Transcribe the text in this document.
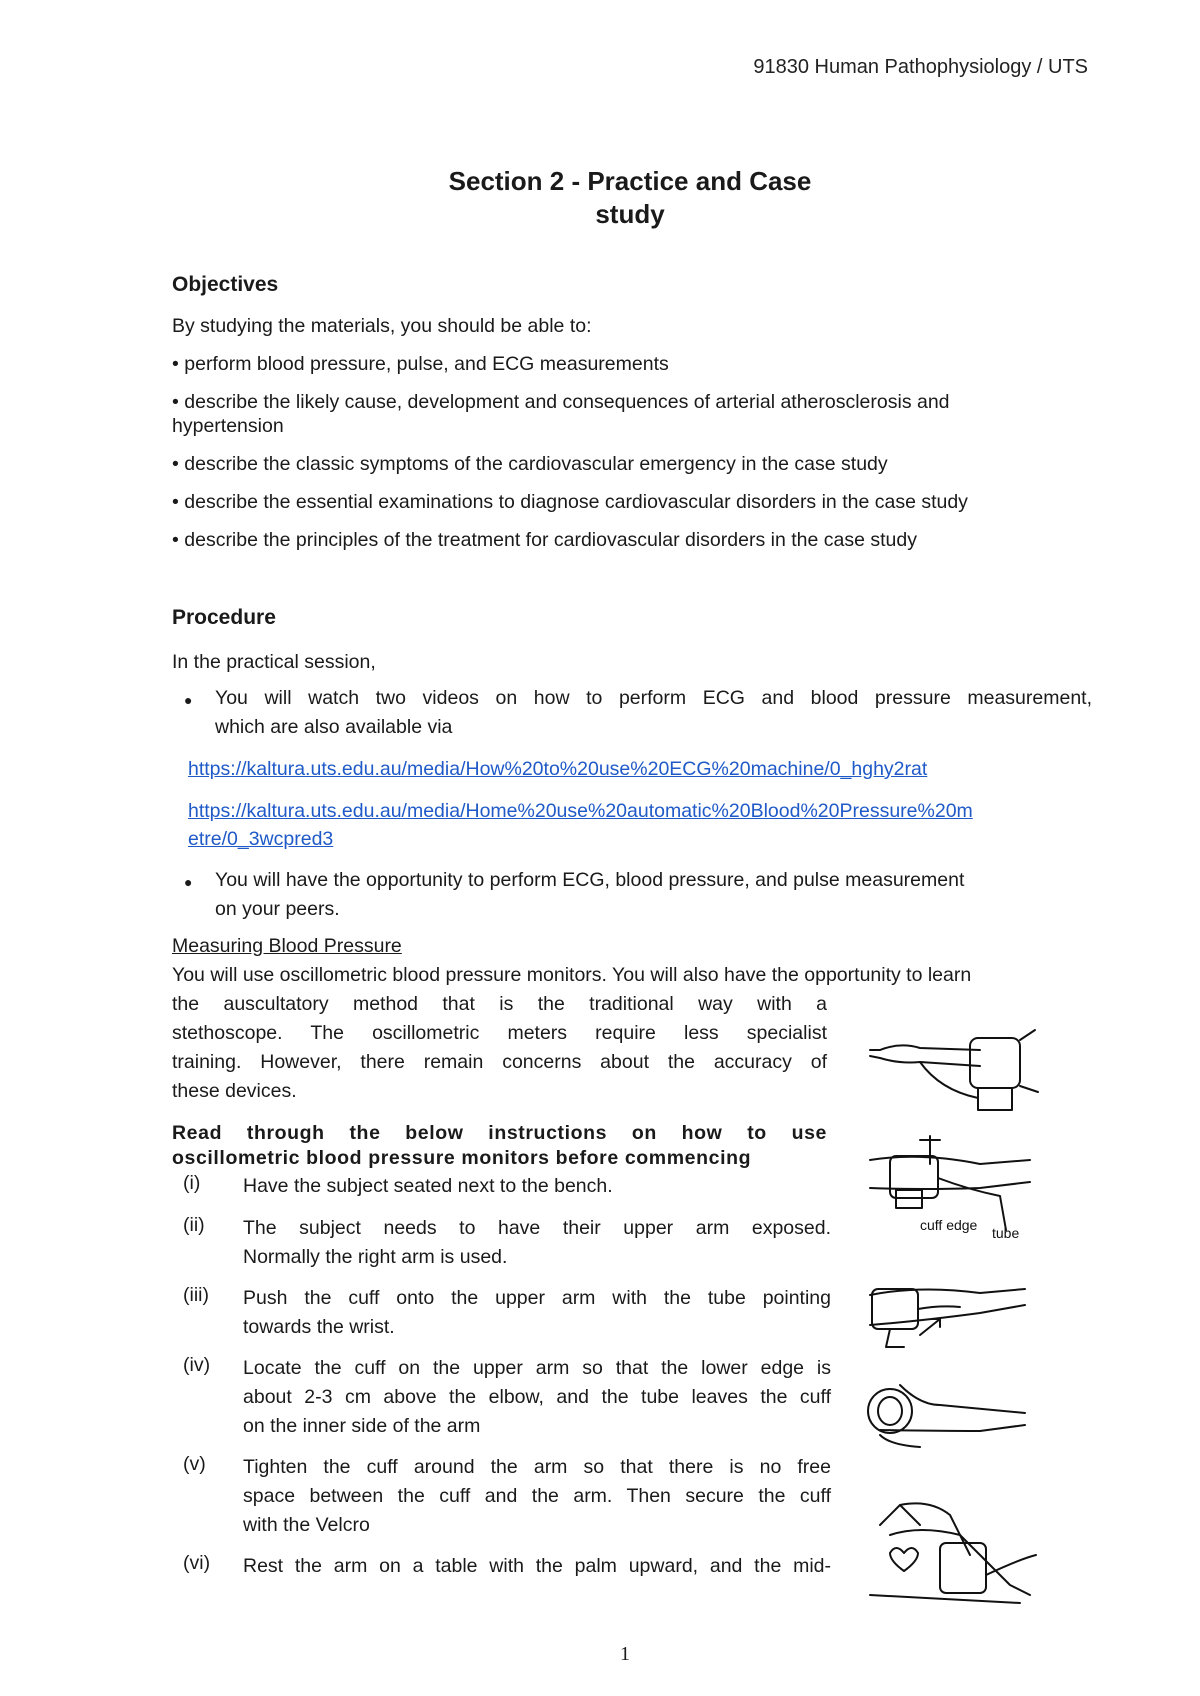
91830 Human Pathophysiology / UTS
Section 2 - Practice and Case
study
Objectives
By studying the materials, you should be able to:
• perform blood pressure, pulse, and ECG measurements
• describe the likely cause, development and consequences of arterial atherosclerosis and
hypertension
• describe the classic symptoms of the cardiovascular emergency in the case study
• describe the essential examinations to diagnose cardiovascular disorders in the case study
• describe the principles of the treatment for cardiovascular disorders in the case study
Procedure
In the practical session,
● You will watch two videos on how to perform ECG and blood pressure measurement,
which are also available via
https://kaltura.uts.edu.au/media/How%20to%20use%20ECG%20machine/0_hghy2rat
https://kaltura.uts.edu.au/media/Home%20use%20automatic%20Blood%20Pressure%20m
etre/0_3wcpred3
● You will have the opportunity to perform ECG, blood pressure, and pulse measurement
on your peers.
Measuring Blood Pressure
You will use oscillometric blood pressure monitors. You will also have the opportunity to learn
the auscultatory method that is the traditional way with a
stethoscope. The oscillometric meters require less specialist
training. However, there remain concerns about the accuracy of
these devices.
Read through the below instructions on how to use
oscillometric blood pressure monitors before commencing
(i)	Have the subject seated next to the bench.
(ii)	The subject needs to have their upper arm exposed.
Normally the right arm is used.
(iii)	Push the cuff onto the upper arm with the tube pointing
towards the wrist.
(iv)	Locate the cuff on the upper arm so that the lower edge is
about 2-3 cm above the elbow, and the tube leaves the cuff
on the inner side of the arm
(v)	Tighten the cuff around the arm so that there is no free
space between the cuff and the arm. Then secure the cuff
with the Velcro
(vi)	Rest the arm on a table with the palm upward, and the mid-
cuff edge tube
1
